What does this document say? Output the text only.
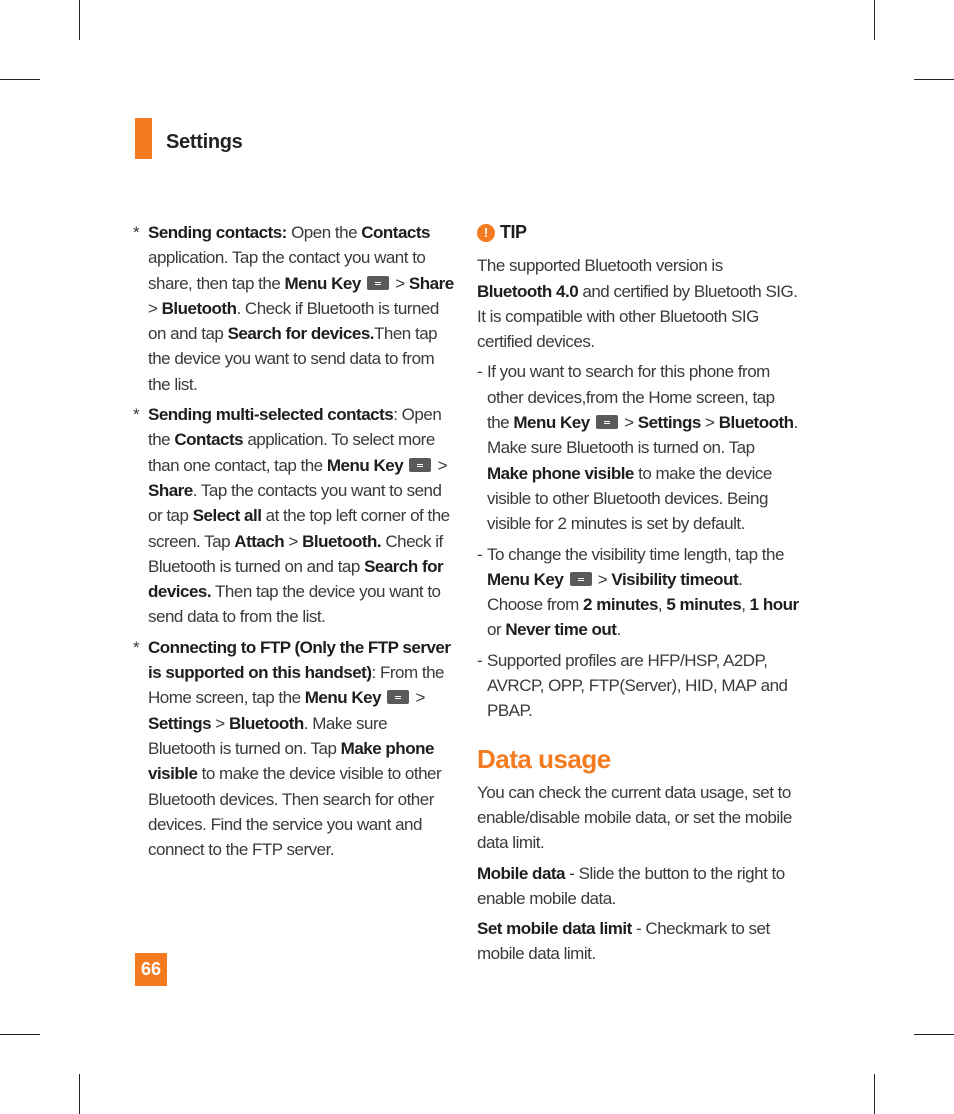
Settings
* Sending contacts: Open the Contacts application. Tap the contact you want to share, then tap the Menu Key  > Share > Bluetooth. Check if Bluetooth is turned on and tap Search for devices.Then tap the device you want to send data to from the list.
* Sending multi-selected contacts: Open the Contacts application. To select more than one contact, tap the Menu Key  > Share. Tap the contacts you want to send or tap Select all at the top left corner of the screen. Tap Attach > Bluetooth. Check if Bluetooth is turned on and tap Search for devices. Then tap the device you want to send data to from the list.
* Connecting to FTP (Only the FTP server is supported on this handset): From the Home screen, tap the Menu Key  > Settings > Bluetooth. Make sure Bluetooth is turned on. Tap Make phone visible to make the device visible to other Bluetooth devices. Then search for other devices. Find the service you want and connect to the FTP server.
! TIP
The supported Bluetooth version is Bluetooth 4.0 and certified by Bluetooth SIG. It is compatible with other Bluetooth SIG certified devices.
- If you want to search for this phone from other devices,from the Home screen, tap the Menu Key  > Settings > Bluetooth. Make sure Bluetooth is turned on. Tap Make phone visible to make the device visible to other Bluetooth devices. Being visible for 2 minutes is set by default.
- To change the visibility time length, tap the Menu Key  > Visibility timeout. Choose from 2 minutes, 5 minutes, 1 hour or Never time out.
- Supported profiles are HFP/HSP, A2DP, AVRCP, OPP, FTP(Server), HID, MAP and PBAP.
Data usage
You can check the current data usage, set to enable/disable mobile data, or set the mobile data limit.
Mobile data - Slide the button to the right to enable mobile data.
Set mobile data limit - Checkmark to set mobile data limit.
66
